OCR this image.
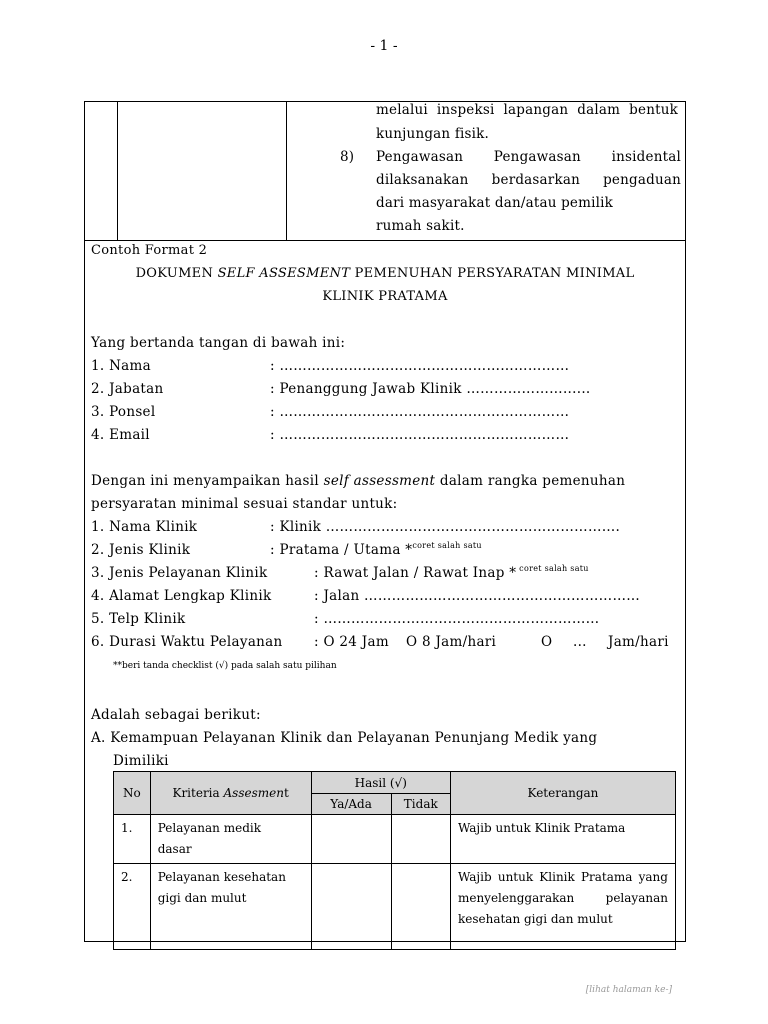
- 1 -
melalui inspeksi lapangan dalam bentuk
kunjungan fisik.
8) Pengawasan Pengawasan insidental
dilaksanakan berdasarkan pengaduan
dari masyarakat dan/atau pemilik
rumah sakit.
Contoh Format 2
DOKUMEN SELF ASSESMENT PEMENUHAN PERSYARATAN MINIMAL
KLINIK PRATAMA
Yang bertanda tangan di bawah ini:
1. Nama	: ………………………………………………………
2. Jabatan	: Penanggung Jawab Klinik …………………......
3. Ponsel	: ………………………………………………………
4. Email	: ………………………………………………………
Dengan ini menyampaikan hasil self assessment dalam rangka pemenuhan
persyaratan minimal sesuai standar untuk:
1. Nama Klinik	: Klinik ……………………………………………………….
2. Jenis Klinik	: Pratama / Utama *$^{coret salah satu}$
3. Jenis Pelayanan Klinik	: Rawat Jalan / Rawat Inap * $^{coret salah satu}$
4. Alamat Lengkap Klinik	: Jalan ……………………………………………………
5. Telp Klinik	: ……………………………………………………
6. Durasi Waktu Pelayanan : O 24 Jam O 8 Jam/hari	O ... Jam/hari
**beri tanda checklist (√) pada salah satu pilihan
Adalah sebagai berikut:
A. Kemampuan Pelayanan Klinik dan Pelayanan Penunjang Medik yang
Dimiliki
No	Kriteria Assesment	Hasil (√)		Keterangan
		Ya/Ada	Tidak	

1.	Pelayanan medik dasar			Wajib untuk Klinik Pratama

2.	Pelayanan kesehatan gigi dan mulut			Wajib untuk Klinik Pratama yang menyelenggarakan pelayanan kesehatan gigi dan mulut
[lihat halaman ke-]
